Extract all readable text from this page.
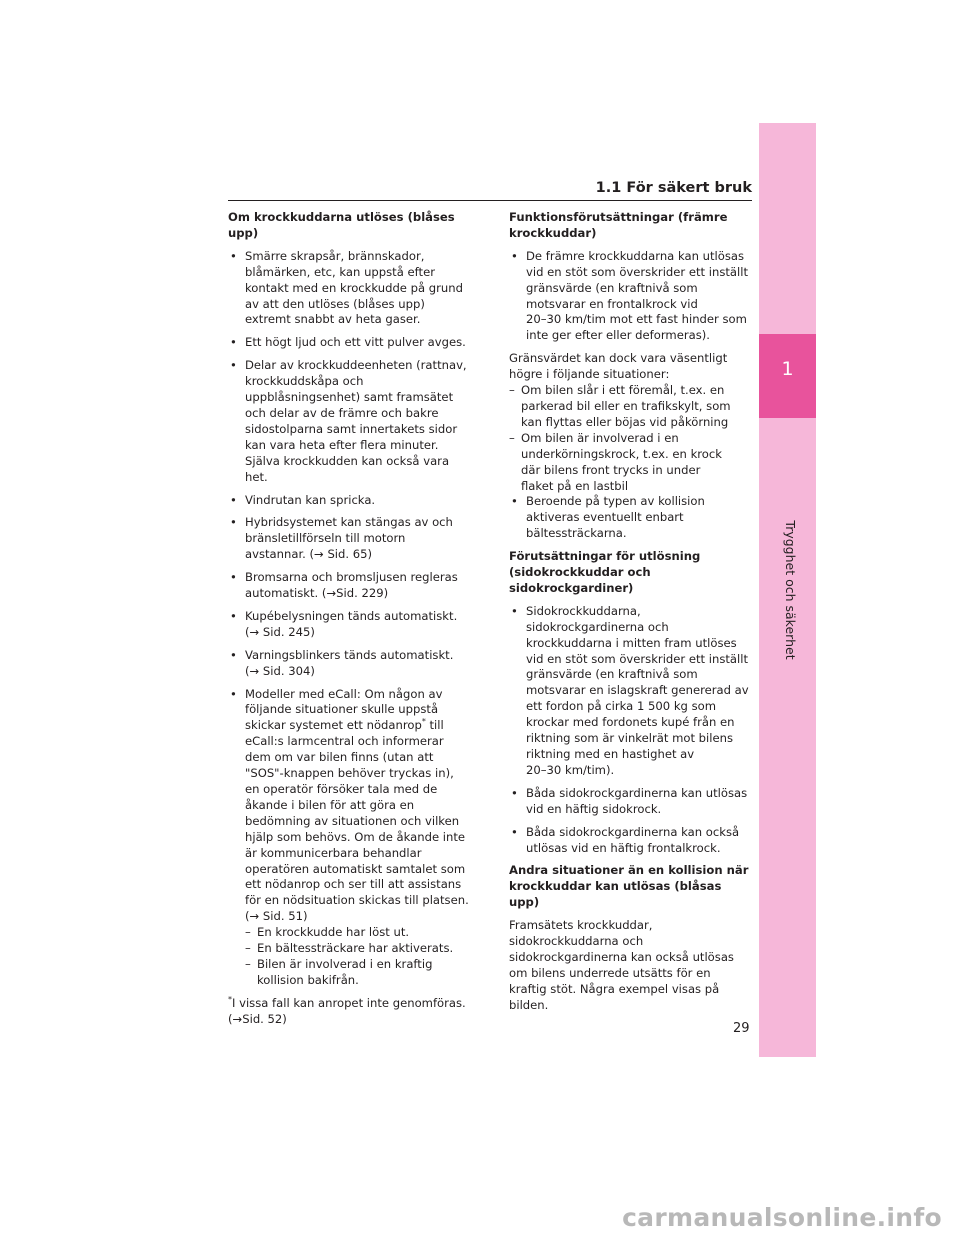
1
Trygghet och säkerhet
1.1 För säkert bruk
Om krockkuddarna utlöses (blåses upp)
• Smärre skrapsår, brännskador,
blåmärken, etc, kan uppstå efter
kontakt med en krockkudde på grund
av att den utlöses (blåses upp)
extremt snabbt av heta gaser.
• Ett högt ljud och ett vitt pulver avges.
• Delar av krockkuddeenheten (rattnav,
krockkuddskåpa och
uppblåsningsenhet) samt framsätet
och delar av de främre och bakre
sidostolparna samt innertakets sidor
kan vara heta efter flera minuter.
Själva krockkudden kan också vara
het.
• Vindrutan kan spricka.
• Hybridsystemet kan stängas av och
bränsletillförseln till motorn
avstannar. (→ Sid. 65)
• Bromsarna och bromsljusen regleras
automatiskt. (→Sid. 229)
• Kupébelysningen tänds automatiskt.
(→ Sid. 245)
• Varningsblinkers tänds automatiskt.
(→ Sid. 304)
• Modeller med eCall: Om någon av
följande situationer skulle uppstå
skickar systemet ett nödanrop* till
eCall:s larmcentral och informerar
dem om var bilen finns (utan att
"SOS"-knappen behöver tryckas in),
en operatör försöker tala med de
åkande i bilen för att göra en
bedömning av situationen och vilken
hjälp som behövs. Om de åkande inte
är kommunicerbara behandlar
operatören automatiskt samtalet som
ett nödanrop och ser till att assistans
för en nödsituation skickas till platsen.
(→ Sid. 51)
– En krockkudde har löst ut.
– En bältessträckare har aktiverats.
– Bilen är involverad i en kraftig
kollision bakifrån.
*I vissa fall kan anropet inte genomföras.
(→Sid. 52)
Funktionsförutsättningar (främre
krockkuddar)
• De främre krockkuddarna kan utlösas
vid en stöt som överskrider ett inställt
gränsvärde (en kraftnivå som
motsvarar en frontalkrock vid
20–30 km/tim mot ett fast hinder som
inte ger efter eller deformeras).
Gränsvärdet kan dock vara väsentligt
högre i följande situationer:
– Om bilen slår i ett föremål, t.ex. en
parkerad bil eller en trafikskylt, som
kan flyttas eller böjas vid påkörning
– Om bilen är involverad i en
underkörningskrock, t.ex. en krock
där bilens front trycks in under
flaket på en lastbil
• Beroende på typen av kollision
aktiveras eventuellt enbart
bältessträckarna.
Förutsättningar för utlösning
(sidokrockkuddar och
sidokrockgardiner)
• Sidokrockkuddarna,
sidokrockgardinerna och
krockkuddarna i mitten fram utlöses
vid en stöt som överskrider ett inställt
gränsvärde (en kraftnivå som
motsvarar en islagskraft genererad av
ett fordon på cirka 1 500 kg som
krockar med fordonets kupé från en
riktning som är vinkelrät mot bilens
riktning med en hastighet av
20–30 km/tim).
• Båda sidokrockgardinerna kan utlösas
vid en häftig sidokrock.
• Båda sidokrockgardinerna kan också
utlösas vid en häftig frontalkrock.
Andra situationer än en kollision när
krockkuddar kan utlösas (blåsas upp)
Framsätets krockkuddar,
sidokrockkuddarna och
sidokrockgardinerna kan också utlösas
om bilens underrede utsätts för en
kraftig stöt. Några exempel visas på
bilden.
29
carmanualsonline.info
